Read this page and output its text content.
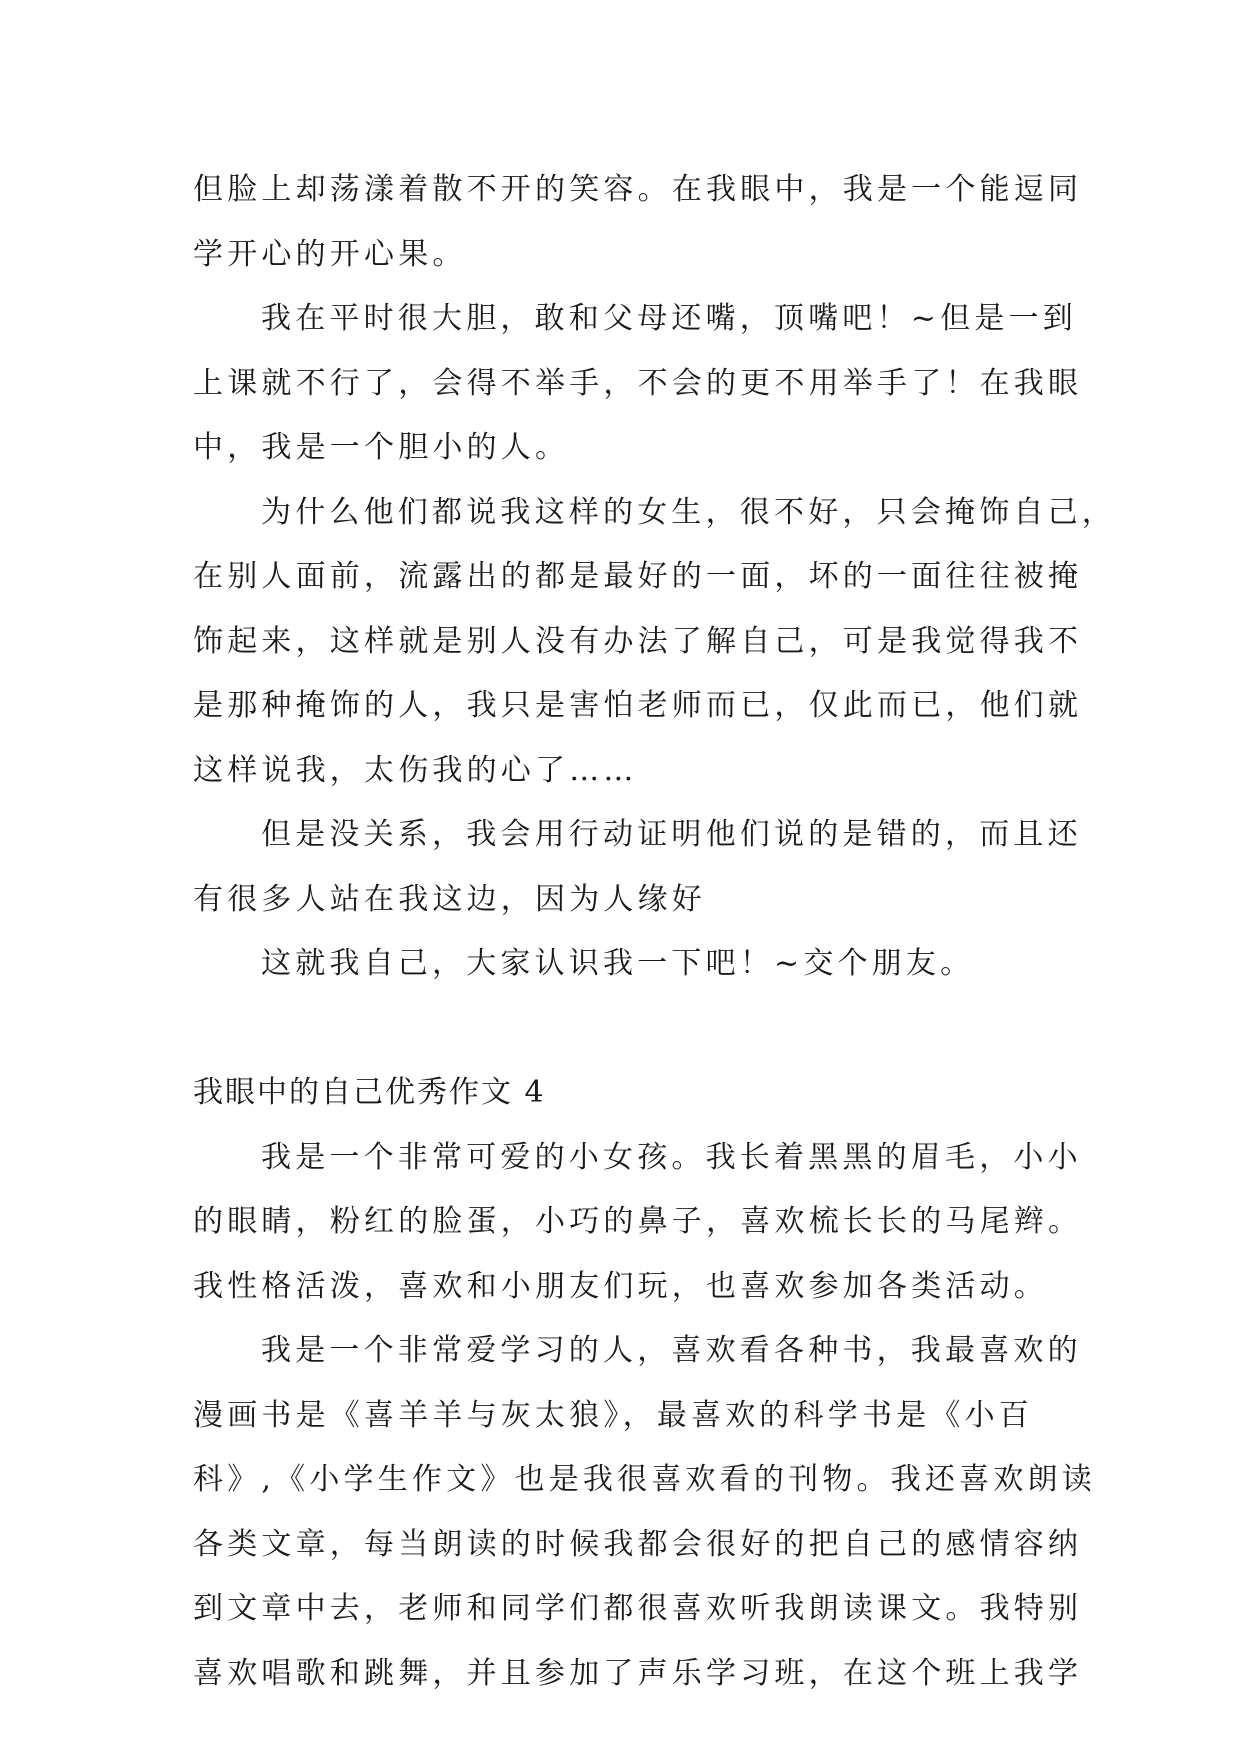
但脸上却荡漾着散不开的笑容。在我眼中，我是一个能逗同
学开心的开心果。
我在平时很大胆，敢和父母还嘴，顶嘴吧！~但是一到
上课就不行了，会得不举手，不会的更不用举手了！在我眼
中，我是一个胆小的人。
为什么他们都说我这样的女生，很不好，只会掩饰自己，
在别人面前，流露出的都是最好的一面，坏的一面往往被掩
饰起来，这样就是别人没有办法了解自己，可是我觉得我不
是那种掩饰的人，我只是害怕老师而已，仅此而已，他们就
这样说我，太伤我的心了……
但是没关系，我会用行动证明他们说的是错的，而且还
有很多人站在我这边，因为人缘好
这就我自己，大家认识我一下吧！~交个朋友。
我眼中的自己优秀作文 4
我是一个非常可爱的小女孩。我长着黑黑的眉毛，小小
的眼睛，粉红的脸蛋，小巧的鼻子，喜欢梳长长的马尾辫。
我性格活泼，喜欢和小朋友们玩，也喜欢参加各类活动。
我是一个非常爱学习的人，喜欢看各种书，我最喜欢的
漫画书是《喜羊羊与灰太狼》，最喜欢的科学书是《小百
科》,《小学生作文》也是我很喜欢看的刊物。我还喜欢朗读
各类文章，每当朗读的时候我都会很好的把自己的感情容纳
到文章中去，老师和同学们都很喜欢听我朗读课文。我特别
喜欢唱歌和跳舞，并且参加了声乐学习班，在这个班上我学
